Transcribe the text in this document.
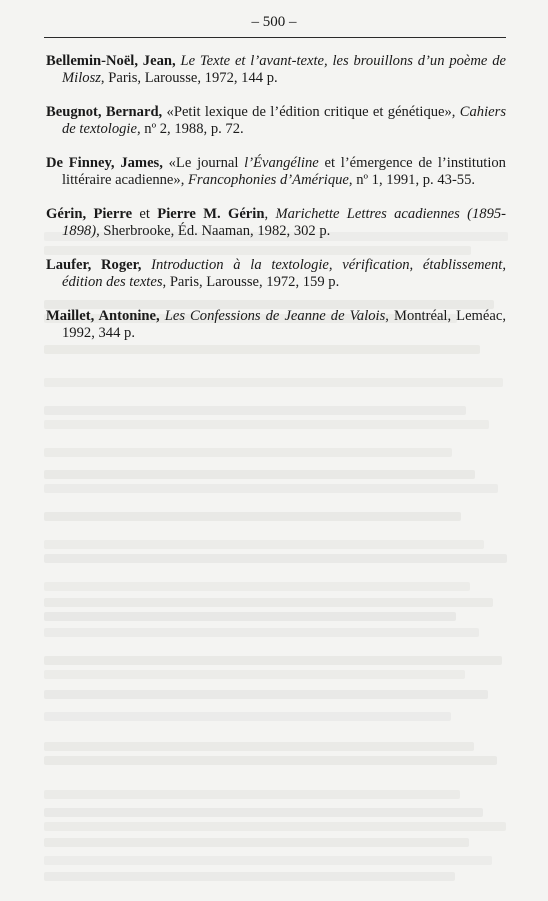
– 500 –

Bellemin-Noël, Jean, Le Texte et l’avant-texte, les brouillons d’un poème de Milosz, Paris, Larousse, 1972, 144 p.

Beugnot, Bernard, «Petit lexique de l’édition critique et génétique», Cahiers de textologie, nº 2, 1988, p. 72.

De Finney, James, «Le journal l’Évangéline et l’émergence de l’institution littéraire acadienne», Francophonies d’Amérique, nº 1, 1991, p. 43-55.

Gérin, Pierre et Pierre M. Gérin, Marichette Lettres acadiennes (1895-1898), Sherbrooke, Éd. Naaman, 1982, 302 p.

Laufer, Roger, Introduction à la textologie, vérification, établissement, édition des textes, Paris, Larousse, 1972, 159 p.

Maillet, Antonine, Les Confessions de Jeanne de Valois, Montréal, Leméac, 1992, 344 p.
